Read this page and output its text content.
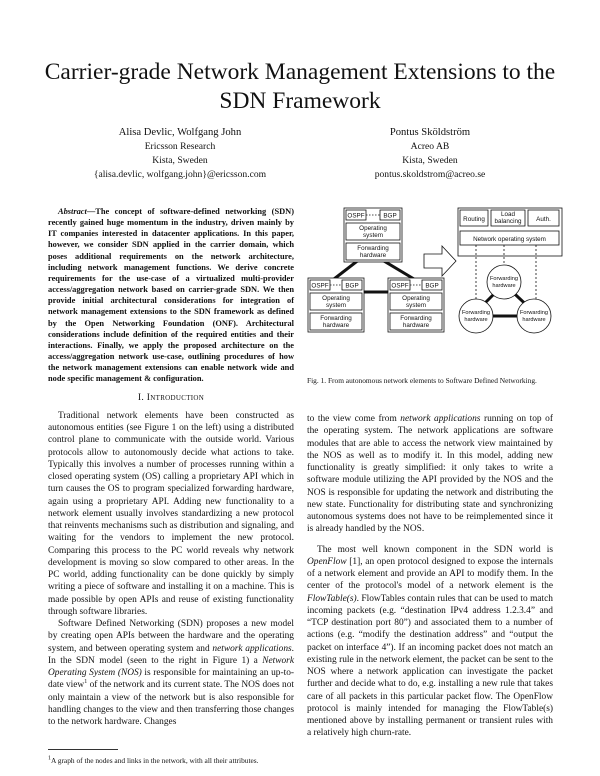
Carrier-grade Network Management Extensions to the SDN Framework
Alisa Devlic, Wolfgang John
Ericsson Research
Kista, Sweden
{alisa.devlic, wolfgang.john}@ericsson.com
Pontus Sköldström
Acreo AB
Kista, Sweden
pontus.skoldstrom@acreo.se

Abstract—The concept of software-defined networking (SDN) recently gained huge momentum in the industry, driven mainly by IT companies interested in datacenter applications. In this paper, however, we consider SDN applied in the carrier domain, which poses additional requirements on the network architecture, including network management functions. We derive concrete requirements for the use-case of a virtualized multi-provider access/aggregation network based on carrier-grade SDN. We then provide initial architectural considerations for integration of network management extensions to the SDN framework as defined by the Open Networking Foundation (ONF). Architectural considerations include definition of the required entities and their interactions. Finally, we apply the proposed architecture on the access/aggregation network use-case, outlining procedures of how the network management extensions can enable network wide and node specific management & configuration.

I. Introduction

Traditional network elements have been constructed as autonomous entities (see Figure 1 on the left) using a distributed control plane to communicate with the outside world. Various protocols allow to autonomously decide what actions to take. Typically this involves a number of processes running within a closed operating system (OS) calling a proprietary API which in turn causes the OS to program specialized forwarding hardware, again using a proprietary API. Adding new functionality to a network element usually involves standardizing a new protocol that reinvents mechanisms such as distribution and signaling, and waiting for the vendors to implement the new protocol. Comparing this process to the PC world reveals why network development is moving so slow compared to other areas. In the PC world, adding functionality can be done quickly by simply writing a piece of software and installing it on a machine. This is made possible by open APIs and reuse of existing functionality through software libraries.

Software Defined Networking (SDN) proposes a new model by creating open APIs between the hardware and the operating system, and between operating system and network applications. In the SDN model (seen to the right in Figure 1) a Network Operating System (NOS) is responsible for maintaining an up-to-date view$^1$ of the network and its current state. The NOS does not only maintain a view of the network but is also responsible for handling changes to the view and then transferring those changes to the network hardware. Changes

$^1$A graph of the nodes and links in the network, with all their attributes.
OSPF	BGP
Operating
system
Forwarding
hardware
OSPF	BGP
Operating
system
Forwarding
hardware
OSPF	BGP
Operating
system
Forwarding
hardware
Routing
Load
balancing Auth.
Network operating system
Forwarding
hardware
Forwarding
hardware
Forwarding
hardware
Fig. 1. From autonomous network elements to Software Defined Networking.

to the view come from network applications running on top of the operating system. The network applications are software modules that are able to access the network view maintained by the NOS as well as to modify it. In this model, adding new functionality is greatly simplified: it only takes to write a software module utilizing the API provided by the NOS and the NOS is responsible for updating the network and distributing the new state. Functionality for distributing state and synchronizing autonomous systems does not have to be reimplemented since it is already handled by the NOS.

The most well known component in the SDN world is OpenFlow [1], an open protocol designed to expose the internals of a network element and provide an API to modify them. In the center of the protocol's model of a network element is the FlowTable(s). FlowTables contain rules that can be used to match incoming packets (e.g. “destination IPv4 address 1.2.3.4” and “TCP destination port 80”) and associated them to a number of actions (e.g. “modify the destination address” and “output the packet on interface 4”). If an incoming packet does not match an existing rule in the network element, the packet can be sent to the NOS where a network application can investigate the packet further and decide what to do, e.g. installing a new rule that takes care of all packets in this particular packet flow. The OpenFlow protocol is mainly intended for managing the FlowTable(s) mentioned above by installing permanent or transient rules with a relatively high churn-rate.
